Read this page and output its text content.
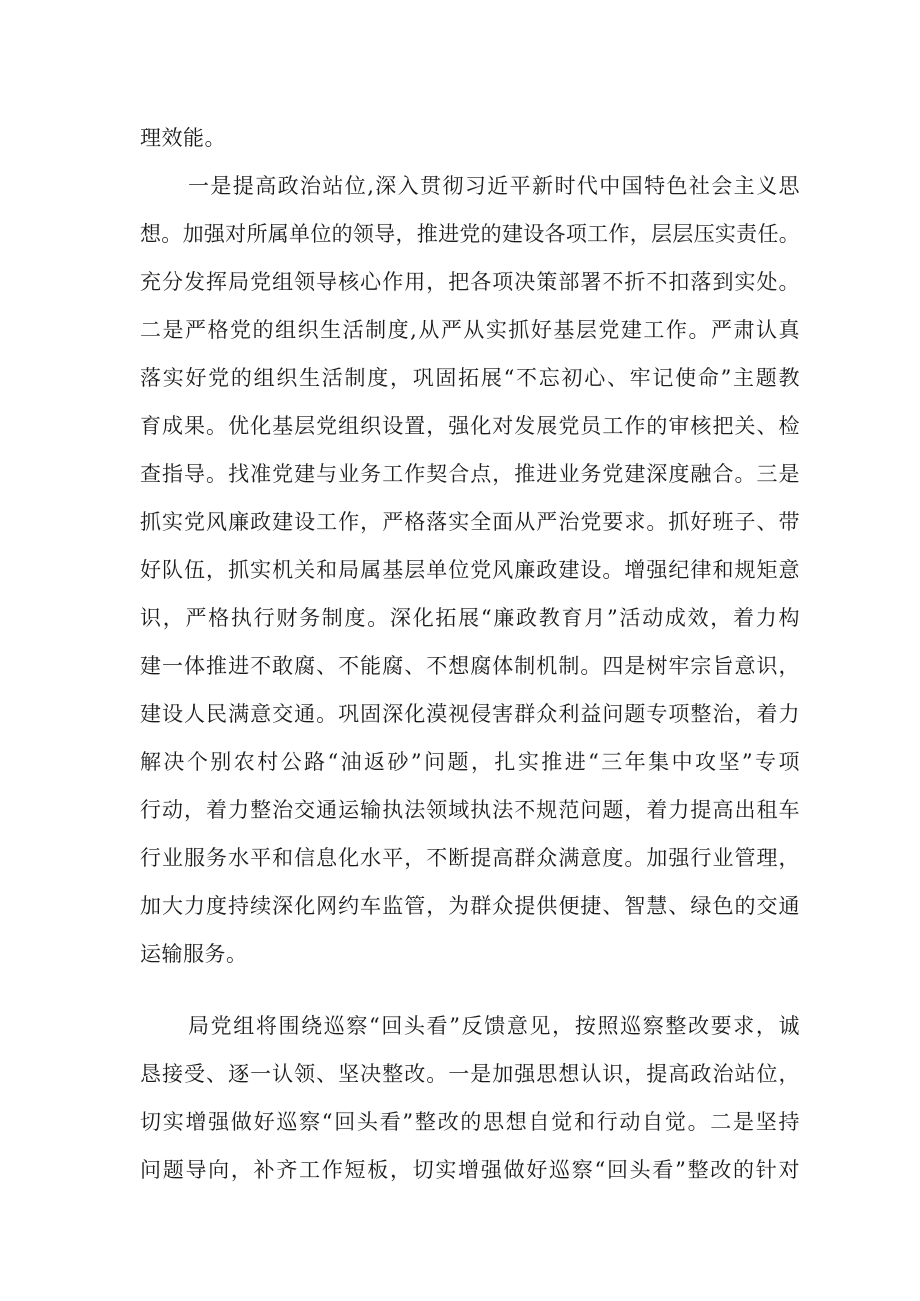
理效能。

一是提高政治站位,深入贯彻习近平新时代中国特色社会主义思

想。加强对所属单位的领导，推进党的建设各项工作，层层压实责任。

充分发挥局党组领导核心作用，把各项决策部署不折不扣落到实处。

二是严格党的组织生活制度,从严从实抓好基层党建工作。严肃认真

落实好党的组织生活制度，巩固拓展“不忘初心、牢记使命”主题教

育成果。优化基层党组织设置，强化对发展党员工作的审核把关、检

查指导。找准党建与业务工作契合点，推进业务党建深度融合。三是

抓实党风廉政建设工作，严格落实全面从严治党要求。抓好班子、带

好队伍，抓实机关和局属基层单位党风廉政建设。增强纪律和规矩意

识，严格执行财务制度。深化拓展“廉政教育月”活动成效，着力构

建一体推进不敢腐、不能腐、不想腐体制机制。四是树牢宗旨意识，

建设人民满意交通。巩固深化漠视侵害群众利益问题专项整治，着力

解决个别农村公路“油返砂”问题，扎实推进“三年集中攻坚”专项

行动，着力整治交通运输执法领域执法不规范问题，着力提高出租车

行业服务水平和信息化水平，不断提高群众满意度。加强行业管理，

加大力度持续深化网约车监管，为群众提供便捷、智慧、绿色的交通

运输服务。

局党组将围绕巡察“回头看”反馈意见，按照巡察整改要求，诚

恳接受、逐一认领、坚决整改。一是加强思想认识，提高政治站位，

切实增强做好巡察“回头看”整改的思想自觉和行动自觉。二是坚持

问题导向，补齐工作短板，切实增强做好巡察“回头看”整改的针对
